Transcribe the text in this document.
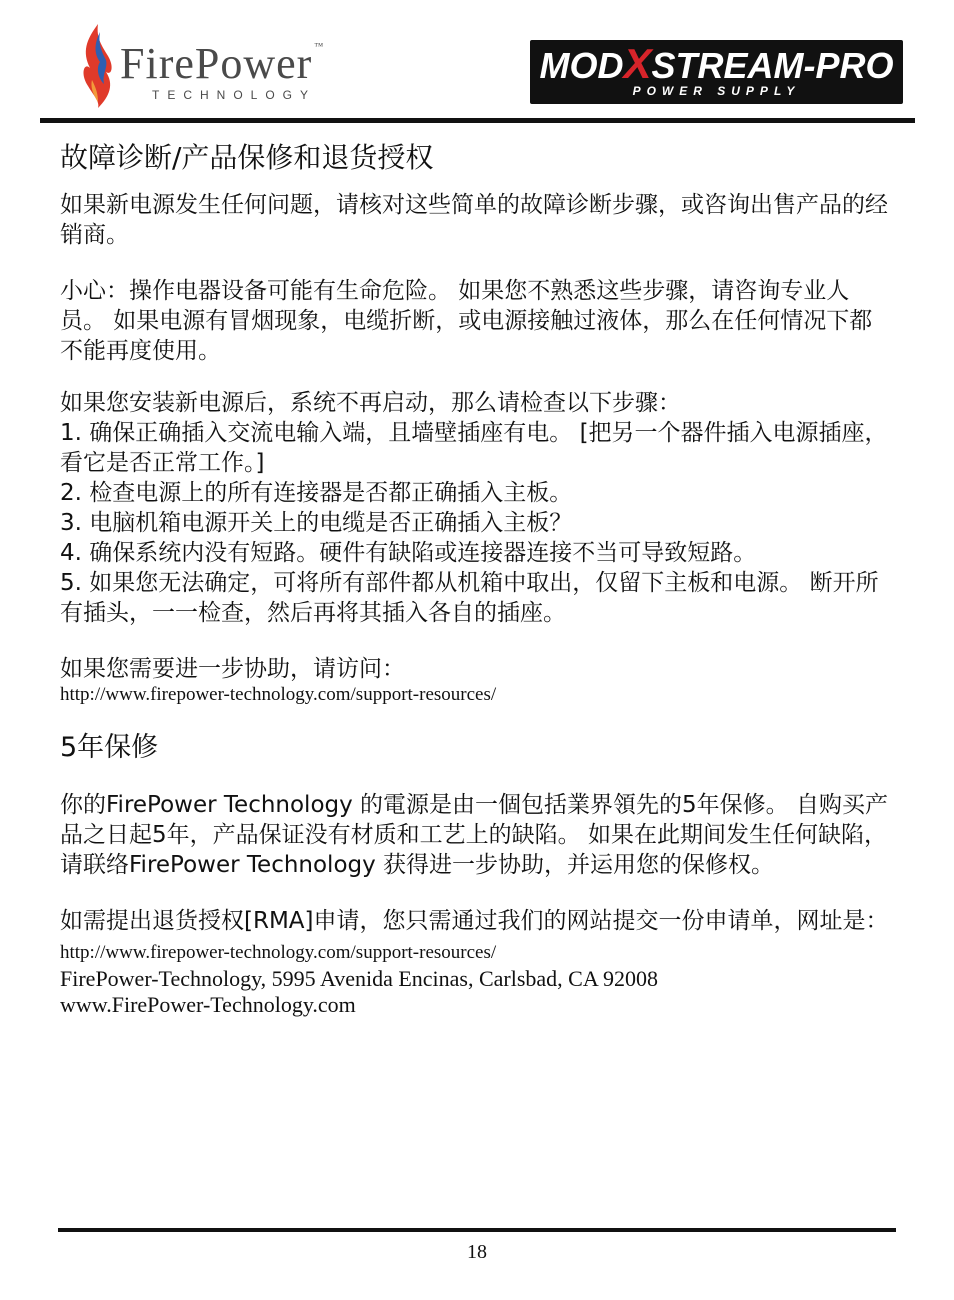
FirePower ™
TECHNOLOGY
MODXSTREAM-PRO
POWER SUPPLY
故障诊断/产品保修和退货授权

如果新电源发生任何问题，请核对这些简单的故障诊断步骤，或咨询出售产品的经销商。

小心：操作电器设备可能有生命危险。 如果您不熟悉这些步骤，请咨询专业人员。 如果电源有冒烟现象，电缆折断，或电源接触过液体，那么在任何情况下都不能再度使用。

如果您安装新电源后，系统不再启动，那么请检查以下步骤：

1. 确保正确插入交流电输入端，且墙壁插座有电。 [把另一个器件插入电源插座，看它是否正常工作。]

2. 检查电源上的所有连接器是否都正确插入主板。

3. 电脑机箱电源开关上的电缆是否正确插入主板？

4. 确保系统内没有短路。硬件有缺陷或连接器连接不当可导致短路。

5. 如果您无法确定，可将所有部件都从机箱中取出，仅留下主板和电源。 断开所有插头，一一检查，然后再将其插入各自的插座。

如果您需要进一步协助，请访问：

http://www.firepower-technology.com/support-resources/

5年保修

你的FirePower Technology 的電源是由一個包括業界領先的5年保修。 自购买产品之日起5年，产品保证没有材质和工艺上的缺陷。 如果在此期间发生任何缺陷，请联络FirePower Technology 获得进一步协助，并运用您的保修权。

如需提出退货授权[RMA]申请，您只需通过我们的网站提交一份申请单，网址是：http://www.firepower-technology.com/support-resources/

FirePower-Technology, 5995 Avenida Encinas, Carlsbad, CA 92008

www.FirePower-Technology.com

18
